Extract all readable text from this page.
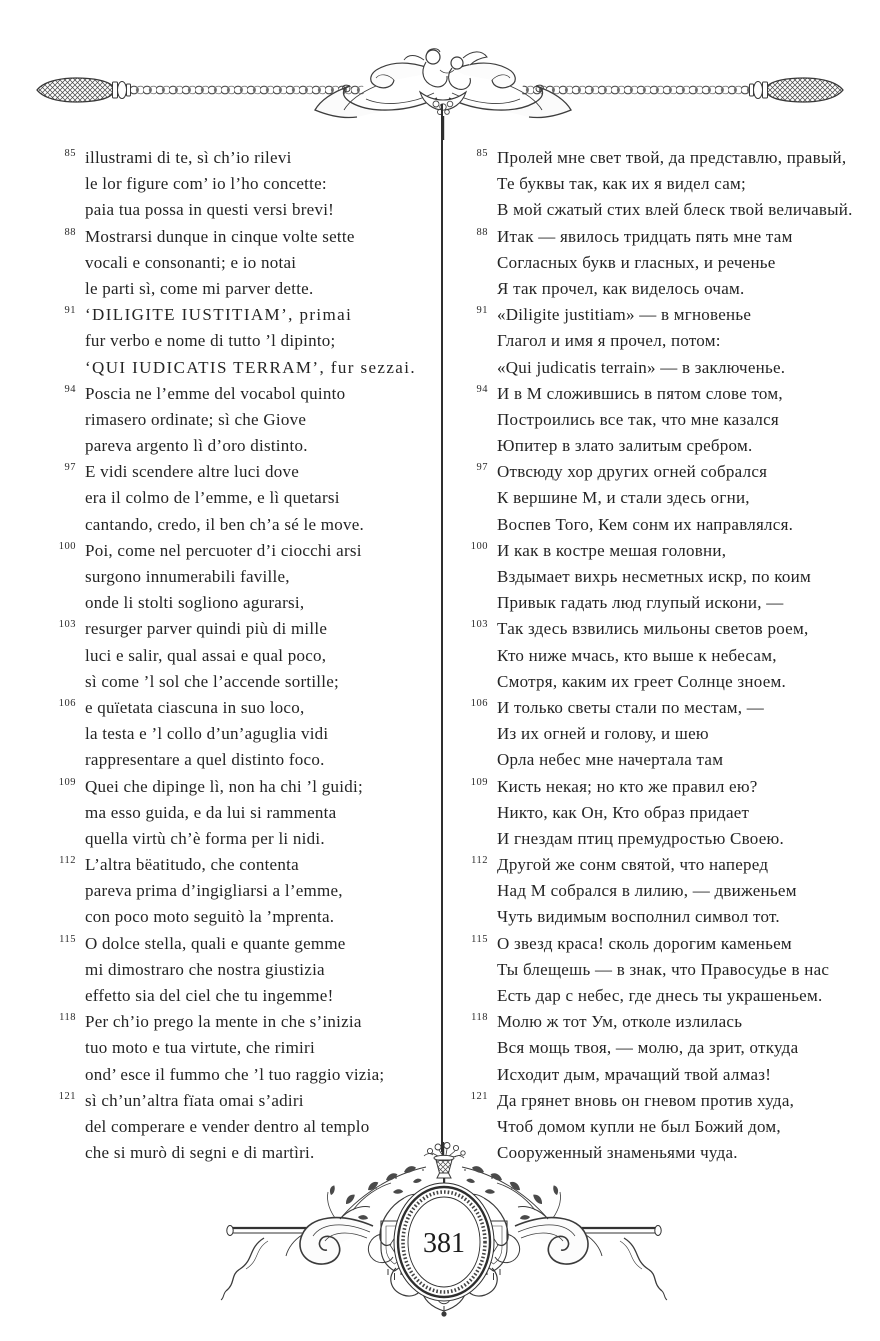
85 illustrami di te, sì ch’io rilevi
le lor figure com’ io l’ho concette:
paia tua possa in questi versi brevi!
88 Mostrarsi dunque in cinque volte sette
vocali e consonanti; e io notai
le parti sì, come mi parver dette.
91 ‘DILIGITE IUSTITIAM’, primai
fur verbo e nome di tutto ’l dipinto;
‘QUI IUDICATIS TERRAM’, fur sezzai.
94 Poscia ne l’emme del vocabol quinto
rimasero ordinate; sì che Giove
pareva argento lì d’oro distinto.
97 E vidi scendere altre luci dove
era il colmo de l’emme, e lì quetarsi
cantando, credo, il ben ch’a sé le move.
100 Poi, come nel percuoter d’i ciocchi arsi
surgono innumerabili faville,
onde li stolti sogliono agurarsi,
103 resurger parver quindi più di mille
luci e salir, qual assai e qual poco,
sì come ’l sol che l’accende sortille;
106 e quïetata ciascuna in suo loco,
la testa e ’l collo d’un’aguglia vidi
rappresentare a quel distinto foco.
109 Quei che dipinge lì, non ha chi ’l guidi;
ma esso guida, e da lui si rammenta
quella virtù ch’è forma per li nidi.
112 L’altra bëatitudo, che contenta
pareva prima d’ingigliarsi a l’emme,
con poco moto seguitò la ’mprenta.
115 O dolce stella, quali e quante gemme
mi dimostraro che nostra giustizia
effetto sia del ciel che tu ingemme!
118 Per ch’io prego la mente in che s’inizia
tuo moto e tua virtute, che rimiri
ond’ esce il fummo che ’l tuo raggio vizia;
121 sì ch’un’altra fïata omai s’adiri
del comperare e vender dentro al templo
che si murò di segni e di martìri.
85 Пролей мне свет твой, да представлю, правый,
Те буквы так, как их я видел сам;
В мой сжатый стих влей блеск твой величавый.
88 Итак — явилось тридцать пять мне там
Согласных букв и гласных, и реченье
Я так прочел, как виделось очам.
91 «Diligite justitiam» — в мгновенье
Глагол и имя я прочел, потом:
«Qui judicatis terrain» — в заключенье.
94 И в М сложившись в пятом слове том,
Построились все так, что мне казался
Юпитер в злато залитым сребром.
97 Отвсюду хор других огней собрался
К вершине М, и стали здесь огни,
Воспев Того, Кем сонм их направлялся.
100 И как в костре мешая головни,
Вздымает вихрь несметных искр, по коим
Привык гадать люд глупый искони, —
103 Так здесь взвились мильоны светов роем,
Кто ниже мчась, кто выше к небесам,
Смотря, каким их греет Солнце зноем.
106 И только светы стали по местам, —
Из их огней и голову, и шею
Орла небес мне начертала там
109 Кисть некая; но кто же правил ею?
Никто, как Он, Кто образ придает
И гнездам птиц премудростью Своею.
112 Другой же сонм святой, что наперед
Над М собрался в лилию, — движеньем
Чуть видимым восполнил символ тот.
115 О звезд краса! сколь дорогим каменьем
Ты блещешь — в знак, что Правосудье в нас
Есть дар с небес, где днесь ты украшеньем.
118 Молю ж тот Ум, отколе излилась
Вся мощь твоя, — молю, да зрит, откуда
Исходит дым, мрачащий твой алмаз!
121 Да грянет вновь он гневом против худа,
Чтоб домом купли не был Божий дом,
Сооруженный знаменьями чуда.
381
